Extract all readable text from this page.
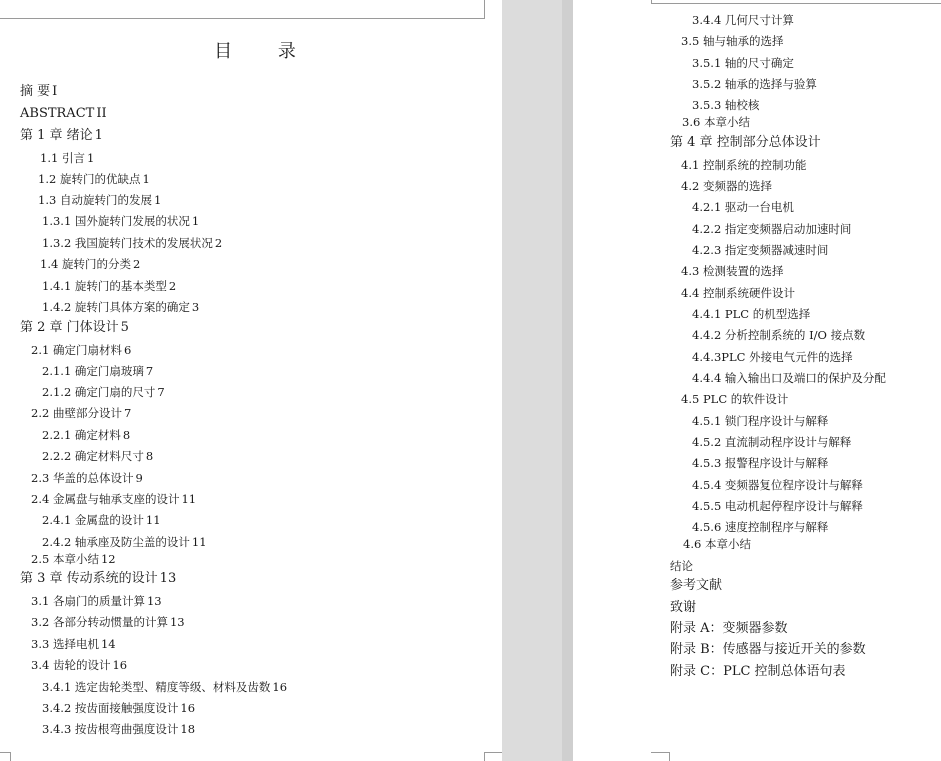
目 录
摘 要 I
ABSTRACT II
第 1 章 绪论 1
1.1 引言 1
1.2 旋转门的优缺点 1
1.3 自动旋转门的发展 1
1.3.1 国外旋转门发展的状况 1
1.3.2 我国旋转门技术的发展状况 2
1.4 旋转门的分类 2
1.4.1 旋转门的基本类型 2
1.4.2 旋转门具体方案的确定 3
第 2 章 门体设计 5
2.1 确定门扇材料 6
2.1.1 确定门扇玻璃 7
2.1.2 确定门扇的尺寸 7
2.2 曲壁部分设计 7
2.2.1 确定材料 8
2.2.2 确定材料尺寸 8
2.3 华盖的总体设计 9
2.4 金属盘与轴承支座的设计 11
2.4.1 金属盘的设计 11
2.4.2 轴承座及防尘盖的设计 11
2.5 本章小结 12
第 3 章 传动系统的设计 13
3.1 各扇门的质量计算 13
3.2 各部分转动惯量的计算 13
3.3 选择电机 14
3.4 齿轮的设计 16
3.4.1 选定齿轮类型、精度等级、材料及齿数 16
3.4.2 按齿面接触强度设计 16
3.4.3 按齿根弯曲强度设计 18
3.4.4 几何尺寸计算
3.5 轴与轴承的选择
3.5.1 轴的尺寸确定
3.5.2 轴承的选择与验算
3.5.3 轴校核
3.6 本章小结
第 4 章 控制部分总体设计
4.1 控制系统的控制功能
4.2 变频器的选择
4.2.1 驱动一台电机
4.2.2 指定变频器启动加速时间
4.2.3 指定变频器减速时间
4.3 检测装置的选择
4.4 控制系统硬件设计
4.4.1 PLC 的机型选择
4.4.2 分析控制系统的 I/O 接点数
4.4.3PLC 外接电气元件的选择
4.4.4 输入输出口及端口的保护及分配
4.5 PLC 的软件设计
4.5.1 锁门程序设计与解释
4.5.2 直流制动程序设计与解释
4.5.3 报警程序设计与解释
4.5.4 变频器复位程序设计与解释
4.5.5 电动机起停程序设计与解释
4.5.6 速度控制程序与解释
4.6 本章小结
结论
参考文献
致谢
附录 A：变频器参数
附录 B：传感器与接近开关的参数
附录 C：PLC 控制总体语句表
